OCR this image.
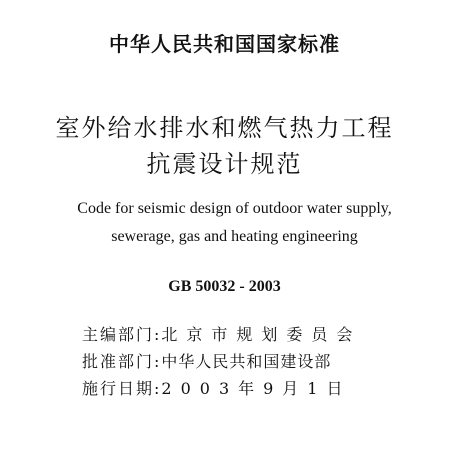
中华人民共和国国家标准
室外给水排水和燃气热力工程
抗震设计规范
Code for seismic design of outdoor water supply,
sewerage, gas and heating engineering
GB 50032 - 2003
主编部门:北京市规划委员会
批准部门:中华人民共和国建设部
施行日期:2003年9月1日
